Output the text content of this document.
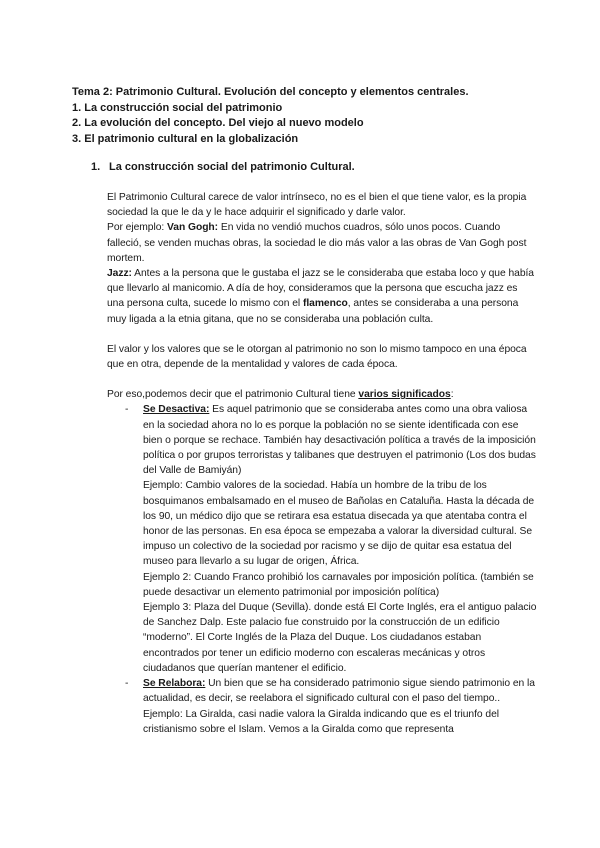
Tema 2: Patrimonio Cultural. Evolución del concepto y elementos centrales.
1. La construcción social del patrimonio
2. La evolución del concepto. Del viejo al nuevo modelo
3. El patrimonio cultural en la globalización
1. La construcción social del patrimonio Cultural.

El Patrimonio Cultural carece de valor intrínseco, no es el bien el que tiene valor, es la propia sociedad la que le da y le hace adquirir el significado y darle valor.

Por ejemplo: Van Gogh: En vida no vendió muchos cuadros, sólo unos pocos. Cuando falleció, se venden muchas obras, la sociedad le dio más valor a las obras de Van Gogh post mortem.

Jazz: Antes a la persona que le gustaba el jazz se le consideraba que estaba loco y que había que llevarlo al manicomio. A día de hoy, consideramos que la persona que escucha jazz es una persona culta, sucede lo mismo con el flamenco, antes se consideraba a una persona muy ligada a la etnia gitana, que no se consideraba una población culta.

El valor y los valores que se le otorgan al patrimonio no son lo mismo tampoco en una época que en otra, depende de la mentalidad y valores de cada época.

Por eso,podemos decir que el patrimonio Cultural tiene varios significados:

- Se Desactiva: Es aquel patrimonio que se consideraba antes como una obra valiosa en la sociedad ahora no lo es porque la población no se siente identificada con ese bien o porque se rechace. También hay desactivación política a través de la imposición política o por grupos terroristas y talibanes que destruyen el patrimonio (Los dos budas del Valle de Bamiyán)

Ejemplo: Cambio valores de la sociedad. Había un hombre de la tribu de los bosquimanos embalsamado en el museo de Bañolas en Cataluña. Hasta la década de los 90, un médico dijo que se retirara esa estatua disecada ya que atentaba contra el honor de las personas. En esa época se empezaba a valorar la diversidad cultural. Se impuso un colectivo de la sociedad por racismo y se dijo de quitar esa estatua del museo para llevarlo a su lugar de origen, África.

Ejemplo 2: Cuando Franco prohibió los carnavales por imposición política. (también se puede desactivar un elemento patrimonial por imposición política)

Ejemplo 3: Plaza del Duque (Sevilla). donde está El Corte Inglés, era el antiguo palacio de Sanchez Dalp. Este palacio fue construido por la construcción de un edificio “moderno”. El Corte Inglés de la Plaza del Duque. Los ciudadanos estaban encontrados por tener un edificio moderno con escaleras mecánicas y otros ciudadanos que querían mantener el edificio.

- Se Relabora: Un bien que se ha considerado patrimonio sigue siendo patrimonio en la actualidad, es decir, se reelabora el significado cultural con el paso del tiempo..

Ejemplo: La Giralda, casi nadie valora la Giralda indicando que es el triunfo del cristianismo sobre el Islam. Vemos a la Giralda como que representa
